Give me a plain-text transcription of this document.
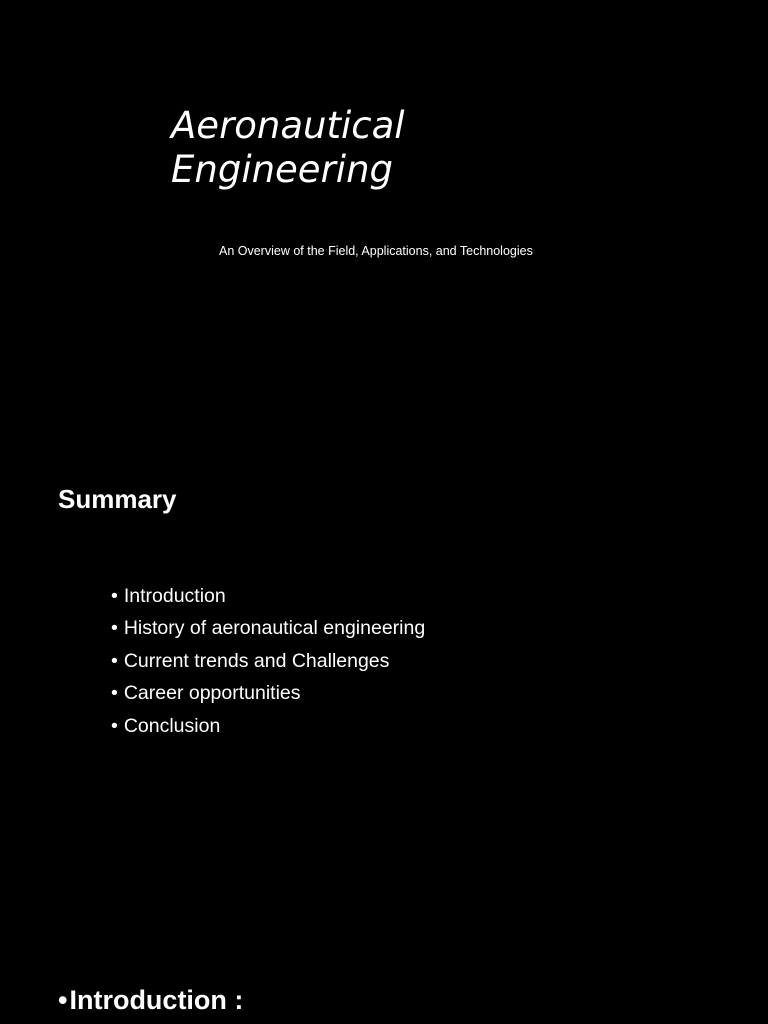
Aeronautical
Engineering

An Overview of the Field, Applications, and Technologies

Summary
• Introduction
• History of aeronautical engineering
• Current trends and Challenges
• Career opportunities
• Conclusion
•Introduction :
